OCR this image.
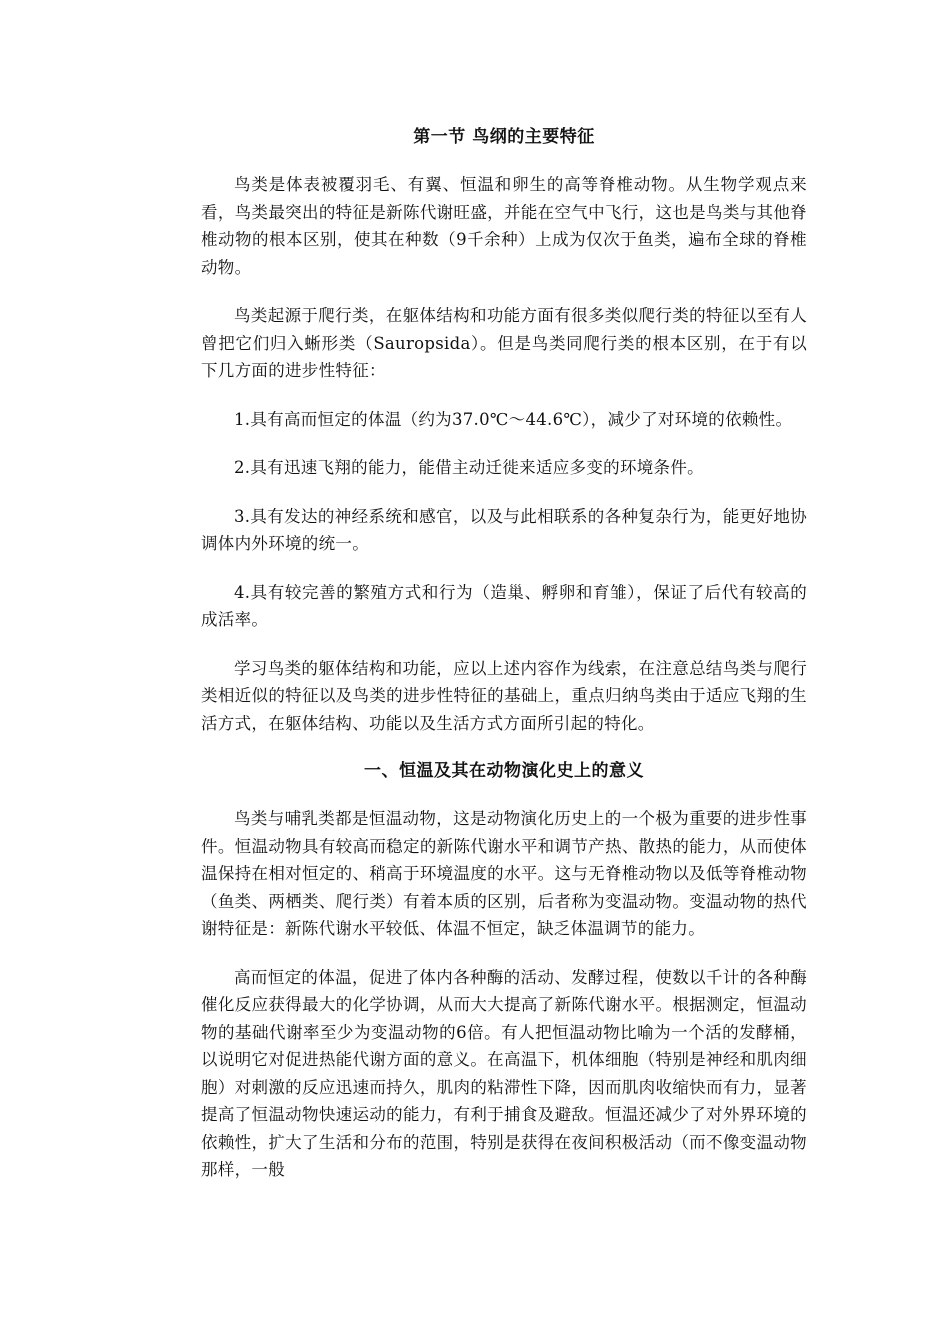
第一节 鸟纲的主要特征

鸟类是体表被覆羽毛、有翼、恒温和卵生的高等脊椎动物。从生物学观点来看，鸟类最突出的特征是新陈代谢旺盛，并能在空气中飞行，这也是鸟类与其他脊椎动物的根本区别，使其在种数（9千余种）上成为仅次于鱼类，遍布全球的脊椎动物。

鸟类起源于爬行类，在躯体结构和功能方面有很多类似爬行类的特征以至有人曾把它们归入蜥形类（Sauropsida）。但是鸟类同爬行类的根本区别，在于有以下几方面的进步性特征：

1.具有高而恒定的体温（约为37.0℃～44.6℃），减少了对环境的依赖性。

2.具有迅速飞翔的能力，能借主动迁徙来适应多变的环境条件。

3.具有发达的神经系统和感官，以及与此相联系的各种复杂行为，能更好地协调体内外环境的统一。

4.具有较完善的繁殖方式和行为（造巢、孵卵和育雏），保证了后代有较高的成活率。

学习鸟类的躯体结构和功能，应以上述内容作为线索，在注意总结鸟类与爬行类相近似的特征以及鸟类的进步性特征的基础上，重点归纳鸟类由于适应飞翔的生活方式，在躯体结构、功能以及生活方式方面所引起的特化。

一、恒温及其在动物演化史上的意义

鸟类与哺乳类都是恒温动物，这是动物演化历史上的一个极为重要的进步性事件。恒温动物具有较高而稳定的新陈代谢水平和调节产热、散热的能力，从而使体温保持在相对恒定的、稍高于环境温度的水平。这与无脊椎动物以及低等脊椎动物（鱼类、两栖类、爬行类）有着本质的区别，后者称为变温动物。变温动物的热代谢特征是：新陈代谢水平较低、体温不恒定，缺乏体温调节的能力。

高而恒定的体温，促进了体内各种酶的活动、发酵过程，使数以千计的各种酶催化反应获得最大的化学协调，从而大大提高了新陈代谢水平。根据测定，恒温动物的基础代谢率至少为变温动物的6倍。有人把恒温动物比喻为一个活的发酵桶，以说明它对促进热能代谢方面的意义。在高温下，机体细胞（特别是神经和肌肉细胞）对刺激的反应迅速而持久，肌肉的粘滞性下降，因而肌肉收缩快而有力，显著提高了恒温动物快速运动的能力，有利于捕食及避敌。恒温还减少了对外界环境的依赖性，扩大了生活和分布的范围，特别是获得在夜间积极活动（而不像变温动物那样，一般
